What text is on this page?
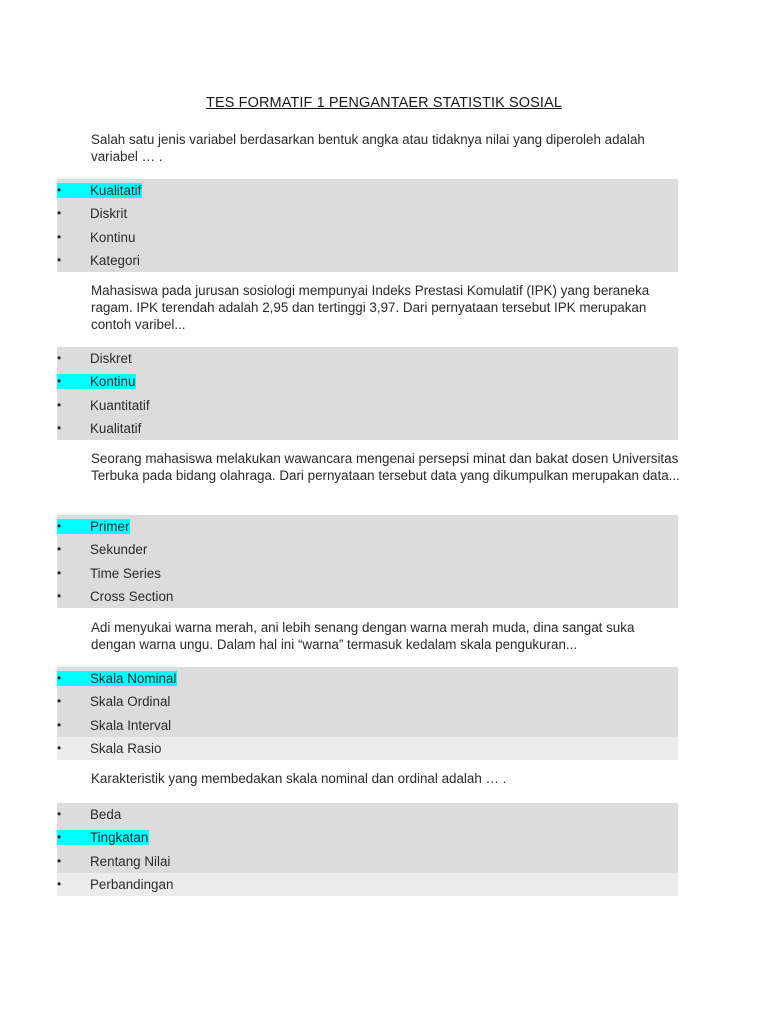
TES FORMATIF 1 PENGANTAER STATISTIK SOSIAL
Salah satu jenis variabel berdasarkan bentuk angka atau tidaknya nilai yang diperoleh adalah variabel … .
•	Kualitatif
•	Diskrit
•	Kontinu
•	Kategori
Mahasiswa pada jurusan sosiologi mempunyai Indeks Prestasi Komulatif (IPK) yang beraneka ragam. IPK terendah adalah 2,95 dan tertinggi 3,97. Dari pernyataan tersebut IPK merupakan contoh varibel...
•	Diskret
•	Kontinu
•	Kuantitatif
•	Kualitatif
Seorang mahasiswa melakukan wawancara mengenai persepsi minat dan bakat dosen Universitas Terbuka pada bidang olahraga. Dari pernyataan tersebut data yang dikumpulkan merupakan data...
•	Primer
•	Sekunder
•	Time Series
•	Cross Section
Adi menyukai warna merah, ani lebih senang dengan warna merah muda, dina sangat suka dengan warna ungu. Dalam hal ini “warna” termasuk kedalam skala pengukuran...
•	Skala Nominal
•	Skala Ordinal
•	Skala Interval
•	Skala Rasio
Karakteristik yang membedakan skala nominal dan ordinal adalah … .
•	Beda
•	Tingkatan
•	Rentang Nilai
•	Perbandingan
